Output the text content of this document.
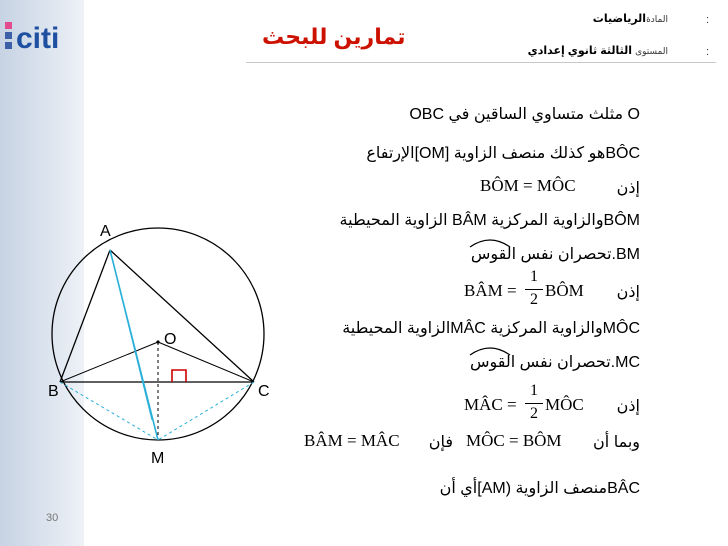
citi	تمارين للبحث
:
المادةالرياضيات
:
المستوى الثالثة ثانوي إعدادي
O مثلث متساوي الساقين في OBC
BÔCهو كذلك منصف الزاوية [OM]الإرتفاع
إذن
BÔM = MÔC
BÔMوالزاوية المركزية BÂM الزاوية المحيطية
BM.تحصران نفس القوس
إذن
BÂM =
1
2 BÔM
MÔCوالزاوية المركزية MÂCالزاوية المحيطية
MC.تحصران نفس القوس
إذن
MÂC =
1
2 MÔC
وبما أن
MÔC = BÔM
فإن
BÂM = MÂC
BÂCمنصف الزاوية (AM]أي أن
A
B	C
O
M
30
